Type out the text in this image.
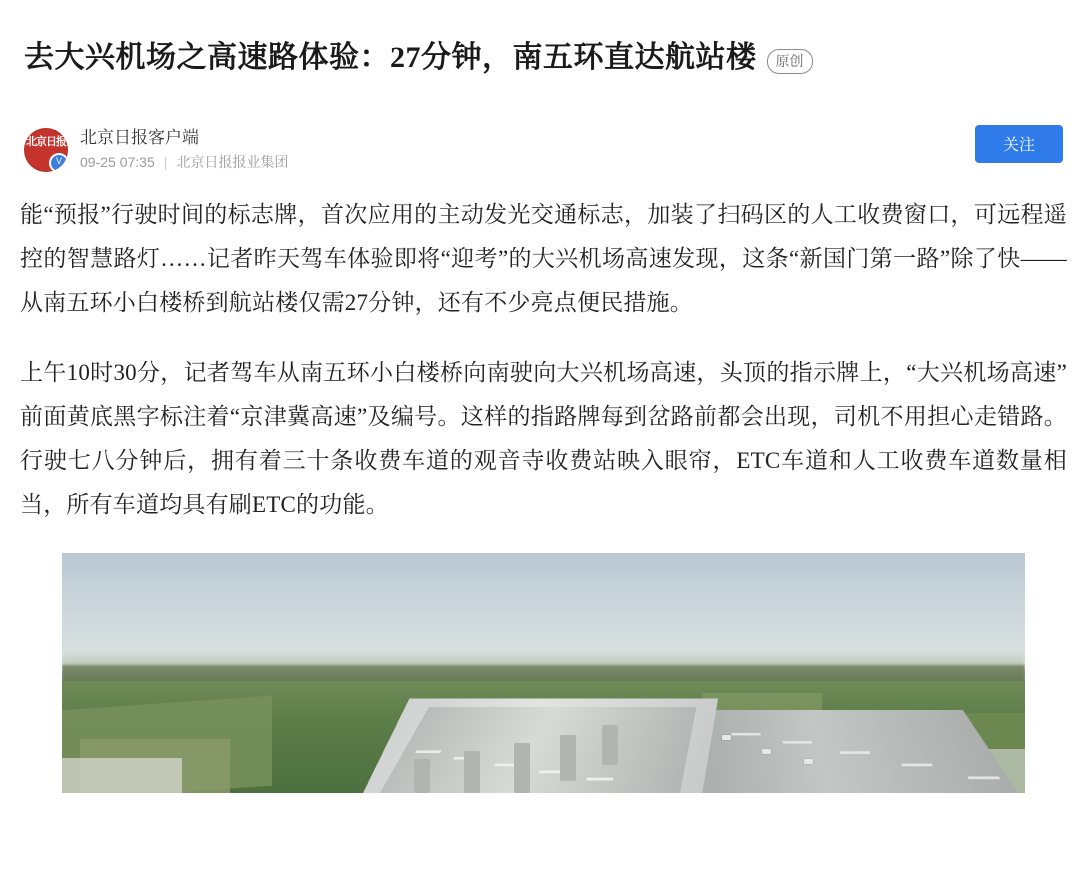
去大兴机场之高速路体验：27分钟，南五环直达航站楼	原创
北京日报
V
北京日报客户端
09-25 07:35 | 北京日报报业集团
关注

能“预报”行驶时间的标志牌，首次应用的主动发光交通标志，加装了扫码区的人工收费窗口，可远程遥控的智慧路灯……记者昨天驾车体验即将“迎考”的大兴机场高速发现，这条“新国门第一路”除了快——从南五环小白楼桥到航站楼仅需27分钟，还有不少亮点便民措施。

上午10时30分，记者驾车从南五环小白楼桥向南驶向大兴机场高速，头顶的指示牌上，“大兴机场高速”前面黄底黑字标注着“京津冀高速”及编号。这样的指路牌每到岔路前都会出现，司机不用担心走错路。行驶七八分钟后，拥有着三十条收费车道的观音寺收费站映入眼帘，ETC车道和人工收费车道数量相当，所有车道均具有刷ETC的功能。
